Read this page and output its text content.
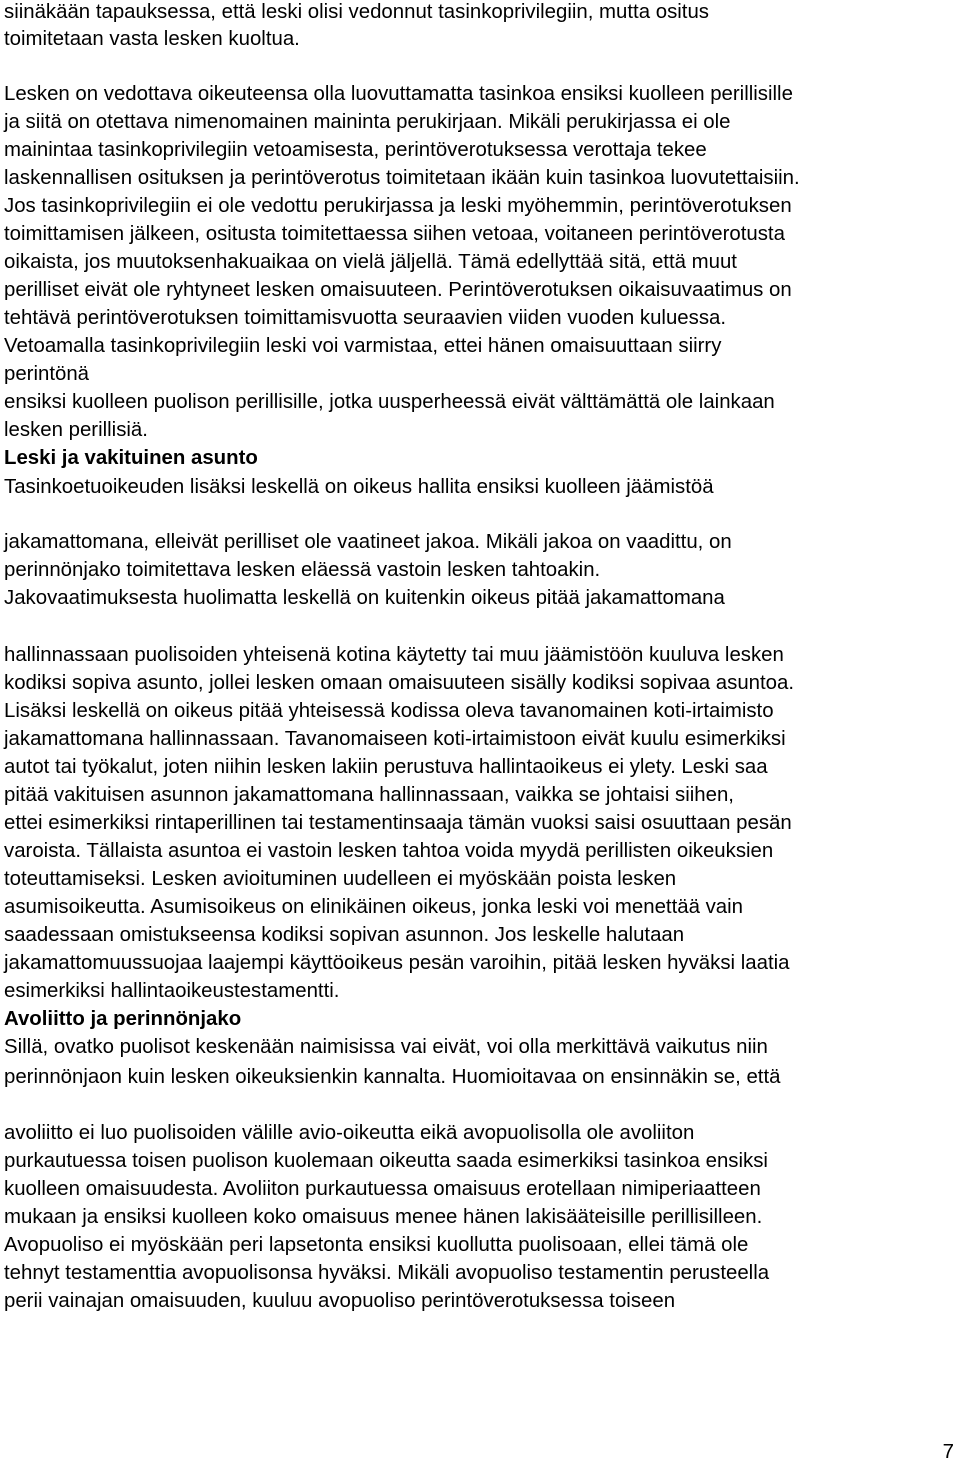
siinäkään tapauksessa, että leski olisi vedonnut tasinkoprivilegiin, mutta ositus
toimitetaan vasta lesken kuoltua.
Lesken on vedottava oikeuteensa olla luovuttamatta tasinkoa ensiksi kuolleen perillisille
ja siitä on otettava nimenomainen maininta perukirjaan. Mikäli perukirjassa ei ole
mainintaa tasinkoprivilegiin vetoamisesta, perintöverotuksessa verottaja tekee
laskennallisen osituksen ja perintöverotus toimitetaan ikään kuin tasinkoa luovutettaisiin.
Jos tasinkoprivilegiin ei ole vedottu perukirjassa ja leski myöhemmin, perintöverotuksen
toimittamisen jälkeen, ositusta toimitettaessa siihen vetoaa, voitaneen perintöverotusta
oikaista, jos muutoksenhakuaikaa on vielä jäljellä. Tämä edellyttää sitä, että muut
perilliset eivät ole ryhtyneet lesken omaisuuteen. Perintöverotuksen oikaisuvaatimus on
tehtävä perintöverotuksen toimittamisvuotta seuraavien viiden vuoden kuluessa.
Vetoamalla tasinkoprivilegiin leski voi varmistaa, ettei hänen omaisuuttaan siirry
perintönä
ensiksi kuolleen puolison perillisille, jotka uusperheessä eivät välttämättä ole lainkaan
lesken perillisiä.
Leski ja vakituinen asunto
Tasinkoetuoikeuden lisäksi leskellä on oikeus hallita ensiksi kuolleen jäämistöä
jakamattomana, elleivät perilliset ole vaatineet jakoa. Mikäli jakoa on vaadittu, on
perinnönjako toimitettava lesken eläessä vastoin lesken tahtoakin.
Jakovaatimuksesta huolimatta leskellä on kuitenkin oikeus pitää jakamattomana
hallinnassaan puolisoiden yhteisenä kotina käytetty tai muu jäämistöön kuuluva lesken
kodiksi sopiva asunto, jollei lesken omaan omaisuuteen sisälly kodiksi sopivaa asuntoa.
Lisäksi leskellä on oikeus pitää yhteisessä kodissa oleva tavanomainen koti-irtaimisto
jakamattomana hallinnassaan. Tavanomaiseen koti-irtaimistoon eivät kuulu esimerkiksi
autot tai työkalut, joten niihin lesken lakiin perustuva hallintaoikeus ei ylety. Leski saa
pitää vakituisen asunnon jakamattomana hallinnassaan, vaikka se johtaisi siihen,
ettei esimerkiksi rintaperillinen tai testamentinsaaja tämän vuoksi saisi osuuttaan pesän
varoista. Tällaista asuntoa ei vastoin lesken tahtoa voida myydä perillisten oikeuksien
toteuttamiseksi. Lesken avioituminen uudelleen ei myöskään poista lesken
asumisoikeutta. Asumisoikeus on elinikäinen oikeus, jonka leski voi menettää vain
saadessaan omistukseensa kodiksi sopivan asunnon. Jos leskelle halutaan
jakamattomuussuojaa laajempi käyttöoikeus pesän varoihin, pitää lesken hyväksi laatia
esimerkiksi hallintaoikeustestamentti.
Avoliitto ja perinnönjako
Sillä, ovatko puolisot keskenään naimisissa vai eivät, voi olla merkittävä vaikutus niin
perinnönjaon kuin lesken oikeuksienkin kannalta. Huomioitavaa on ensinnäkin se, että
avoliitto ei luo puolisoiden välille avio-oikeutta eikä avopuolisolla ole avoliiton
purkautuessa toisen puolison kuolemaan oikeutta saada esimerkiksi tasinkoa ensiksi
kuolleen omaisuudesta. Avoliiton purkautuessa omaisuus erotellaan nimiperiaatteen
mukaan ja ensiksi kuolleen koko omaisuus menee hänen lakisääteisille perillisilleen.
Avopuoliso ei myöskään peri lapsetonta ensiksi kuollutta puolisoaan, ellei tämä ole
tehnyt testamenttia avopuolisonsa hyväksi. Mikäli avopuoliso testamentin perusteella
perii vainajan omaisuuden, kuuluu avopuoliso perintöverotuksessa toiseen
7
